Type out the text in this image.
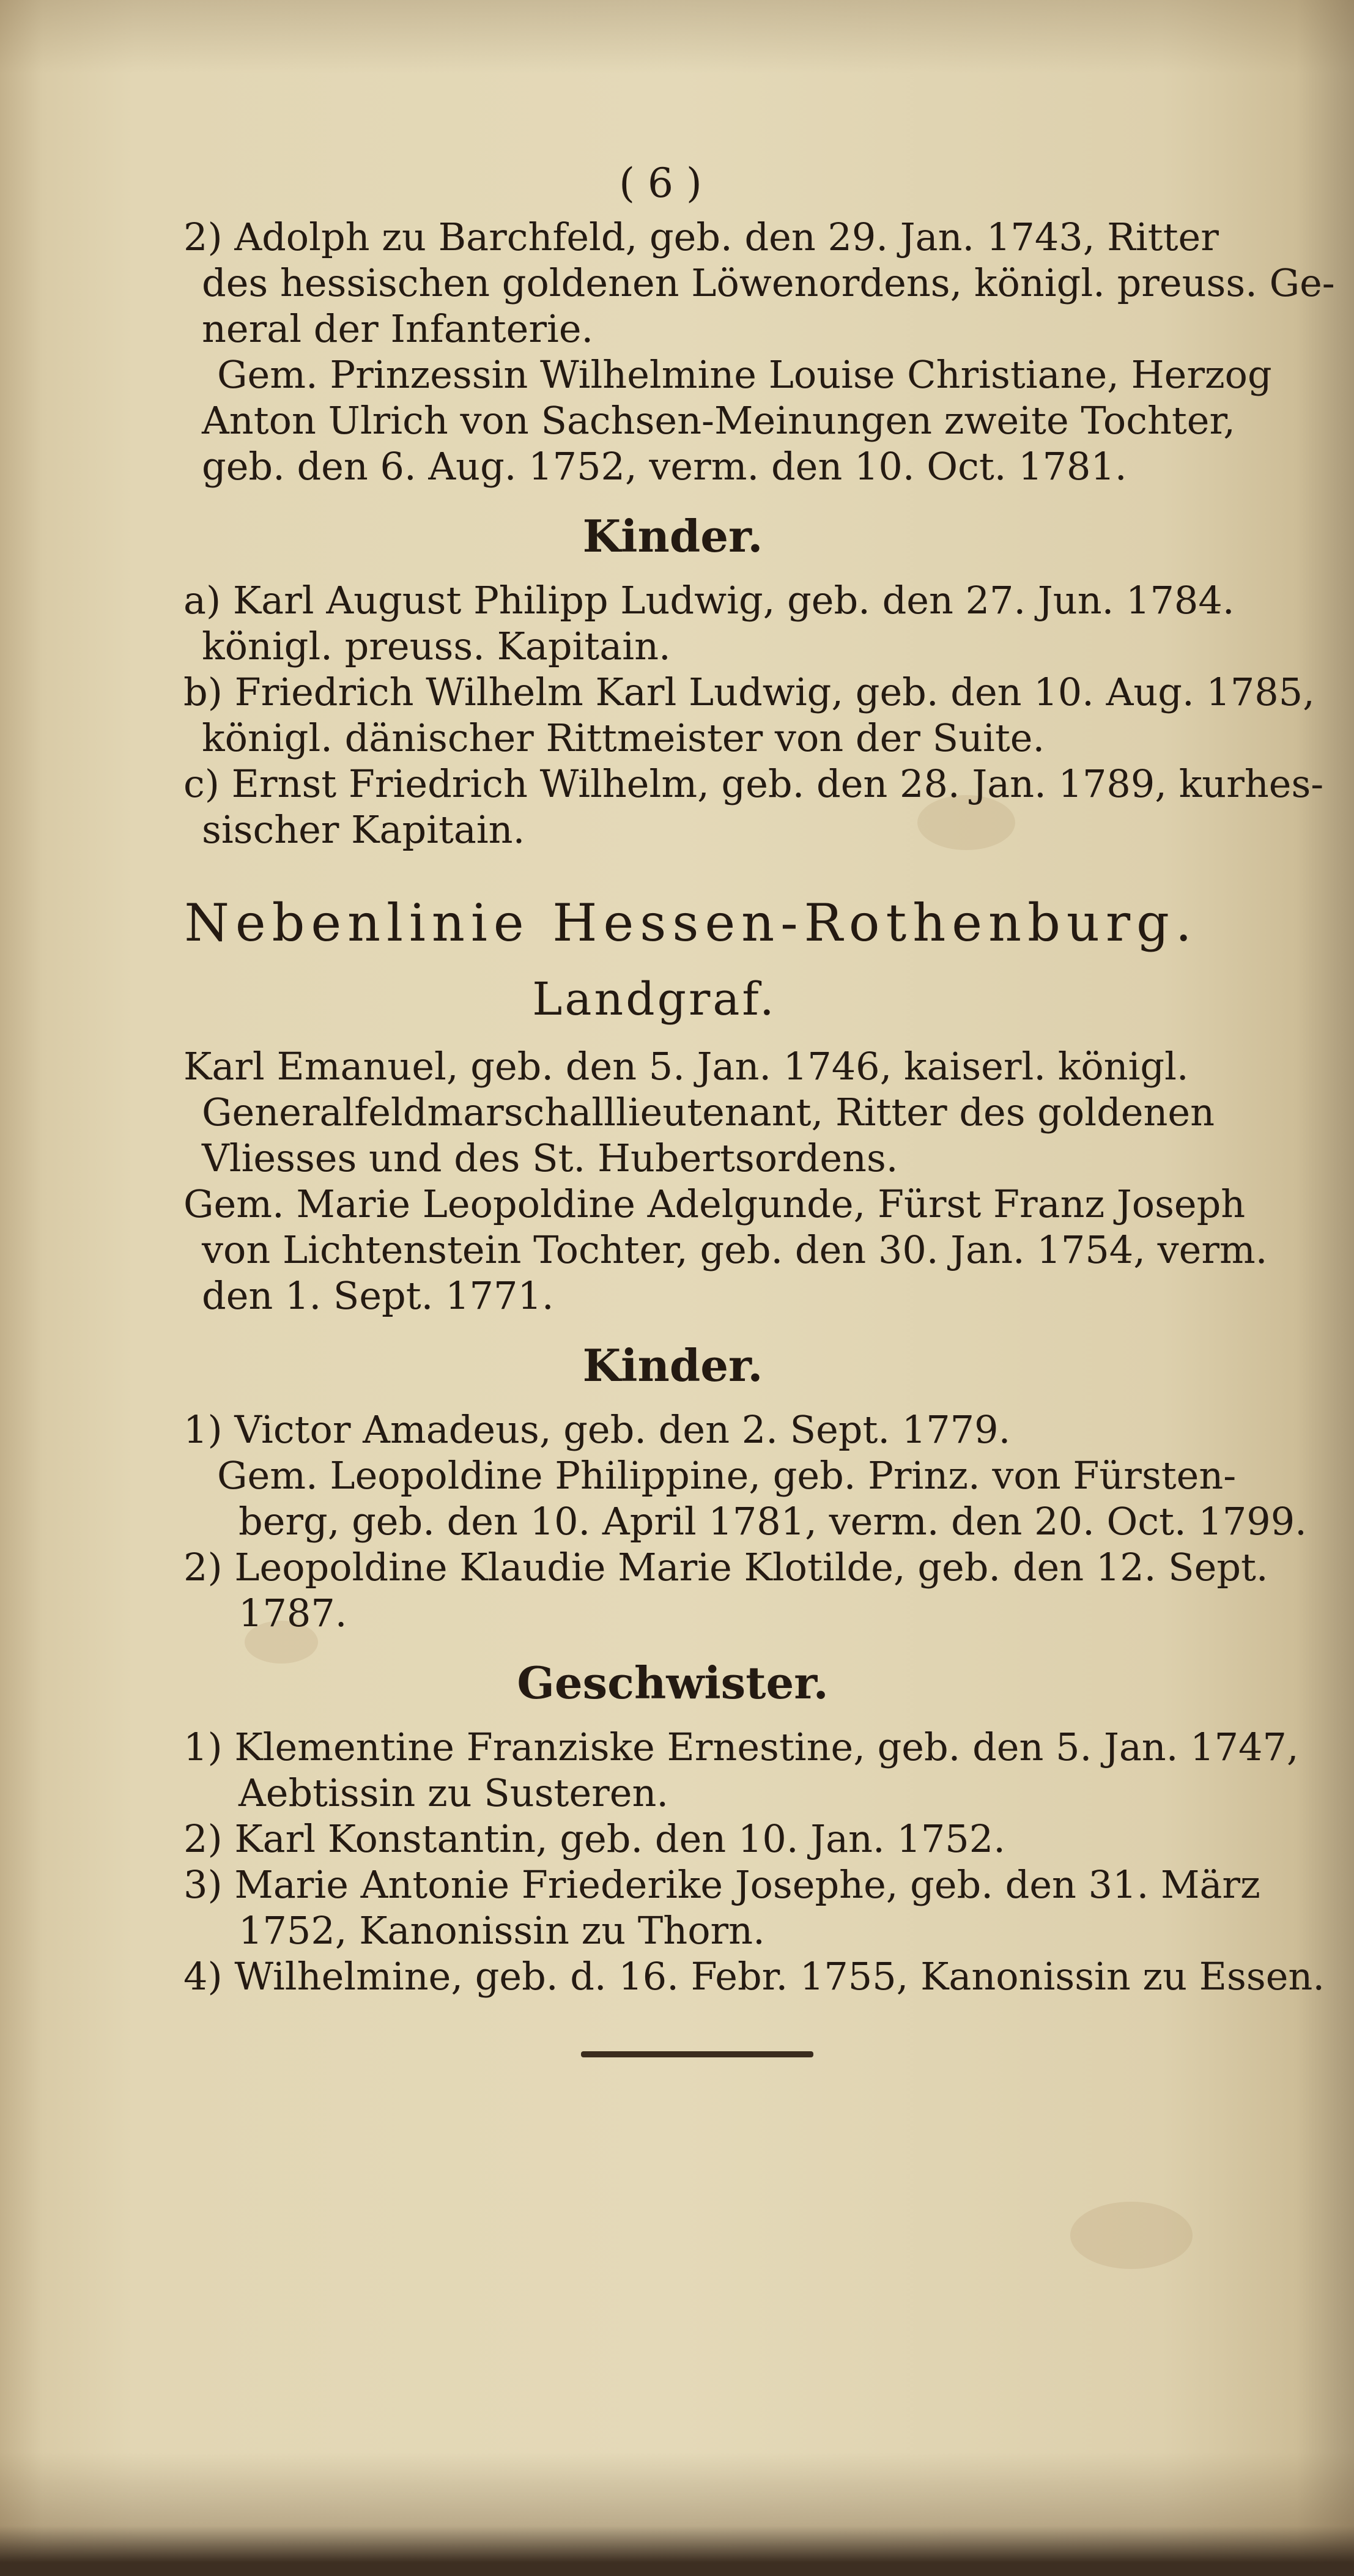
( 6 )
2) Adolph zu Barchfeld, geb. den 29. Jan. 1743, Ritter
des hessischen goldenen Löwenordens, königl. preuss. Ge-
neral der Infanterie.
Gem. Prinzessin Wilhelmine Louise Christiane, Herzog
Anton Ulrich von Sachsen-Meinungen zweite Tochter,
geb. den 6. Aug. 1752, verm. den 10. Oct. 1781.
Kinder.
a) Karl August Philipp Ludwig, geb. den 27. Jun. 1784.
königl. preuss. Kapitain.
b) Friedrich Wilhelm Karl Ludwig, geb. den 10. Aug. 1785,
königl. dänischer Rittmeister von der Suite.
c) Ernst Friedrich Wilhelm, geb. den 28. Jan. 1789, kurhes-
sischer Kapitain.
Nebenlinie Hessen-Rothenburg.
Landgraf.
Karl Emanuel, geb. den 5. Jan. 1746, kaiserl. königl.
Generalfeldmarschalllieutenant, Ritter des goldenen
Vliesses und des St. Hubertsordens.
Gem. Marie Leopoldine Adelgunde, Fürst Franz Joseph
von Lichtenstein Tochter, geb. den 30. Jan. 1754, verm.
den 1. Sept. 1771.
Kinder.
1) Victor Amadeus, geb. den 2. Sept. 1779.
Gem. Leopoldine Philippine, geb. Prinz. von Fürsten-
berg, geb. den 10. April 1781, verm. den 20. Oct. 1799.
2) Leopoldine Klaudie Marie Klotilde, geb. den 12. Sept.
1787.
Geschwister.
1) Klementine Franziske Ernestine, geb. den 5. Jan. 1747,
Aebtissin zu Susteren.
2) Karl Konstantin, geb. den 10. Jan. 1752.
3) Marie Antonie Friederike Josephe, geb. den 31. März
1752, Kanonissin zu Thorn.
4) Wilhelmine, geb. d. 16. Febr. 1755, Kanonissin zu Essen.
